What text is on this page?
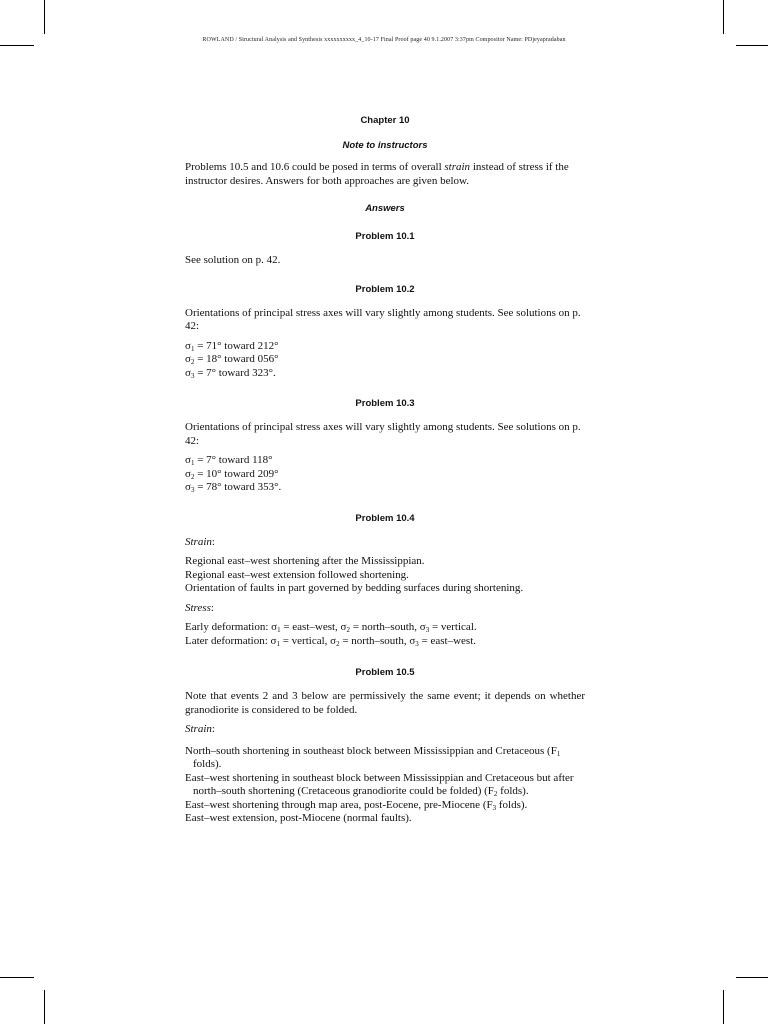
ROWLAND / Structural Analysis and Synthesis xxxxxxxxxx_4_10-17 Final Proof page 40 9.1.2007 3:37pm Compositor Name: PDjeyapradaban

Chapter 10

Note to instructors

Problems 10.5 and 10.6 could be posed in terms of overall strain instead of stress if the instructor desires. Answers for both approaches are given below.

Answers

Problem 10.1

See solution on p. 42.

Problem 10.2

Orientations of principal stress axes will vary slightly among students. See solutions on p. 42:

$\sigma_1 = 71^\circ$ toward 212°
$\sigma_2 = 18^\circ$ toward 056°
$\sigma_3 = 7^\circ$ toward 323°.

Problem 10.3

Orientations of principal stress axes will vary slightly among students. See solutions on p. 42:

$\sigma_1 = 7^\circ$ toward 118°
$\sigma_2 = 10^\circ$ toward 209°
$\sigma_3 = 78^\circ$ toward 353°.

Problem 10.4

Strain:

Regional east–west shortening after the Mississippian.
Regional east–west extension followed shortening.
Orientation of faults in part governed by bedding surfaces during shortening.

Stress:

Early deformation: $\sigma_1$ = east–west, $\sigma_2$ = north–south, $\sigma_3$ = vertical.
Later deformation: $\sigma_1$ = vertical, $\sigma_2$ = north–south, $\sigma_3$ = east–west.

Problem 10.5

Note that events 2 and 3 below are permissively the same event; it depends on whether granodiorite is considered to be folded.

Strain:

North–south shortening in southeast block between Mississippian and Cretaceous ($F_1$ folds).
East–west shortening in southeast block between Mississippian and Cretaceous but after north–south shortening (Cretaceous granodiorite could be folded) ($F_2$ folds).
East–west shortening through map area, post-Eocene, pre-Miocene ($F_3$ folds).
East–west extension, post-Miocene (normal faults).
